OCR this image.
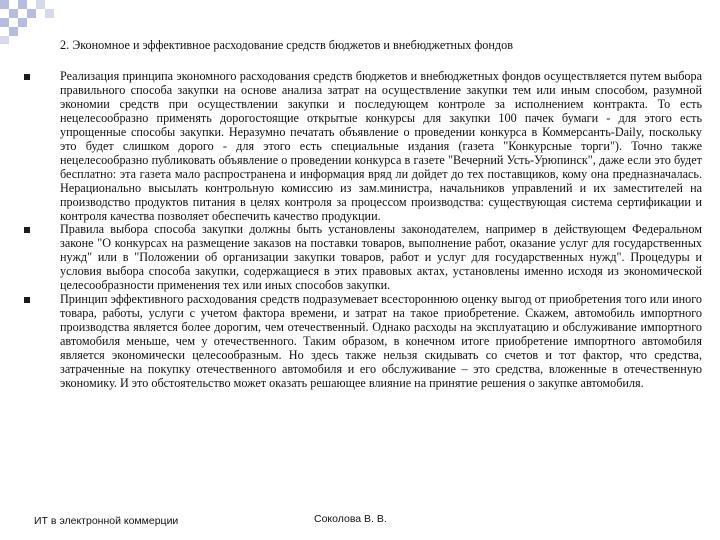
2. Экономное и эффективное расходование средств бюджетов и внебюджетных фондов

Реализация принципа экономного расходования средств бюджетов и внебюджетных фондов осуществляется путем выбора правильного способа закупки на основе анализа затрат на осуществление закупки тем или иным способом, разумной экономии средств при осуществлении закупки и последующем контроле за исполнением контракта. То есть нецелесообразно применять дорогостоящие открытые конкурсы для закупки 100 пачек бумаги - для этого есть упрощенные способы закупки. Неразумно печатать объявление о проведении конкурса в Коммерсанть-Daily, поскольку это будет слишком дорого - для этого есть специальные издания (газета "Конкурсные торги"). Точно также нецелесообразно публиковать объявление о проведении конкурса в газете "Вечерний Усть-Урюпинск", даже если это будет бесплатно: эта газета мало распространена и информация вряд ли дойдет до тех поставщиков, кому она предназначалась. Нерационально высылать контрольную комиссию из зам.министра, начальников управлений и их заместителей на производство продуктов питания в целях контроля за процессом производства: существующая система сертификации и контроля качества позволяет обеспечить качество продукции.

Правила выбора способа закупки должны быть установлены законодателем, например в действующем Федеральном законе "О конкурсах на размещение заказов на поставки товаров, выполнение работ, оказание услуг для государственных нужд" или в "Положении об организации закупки товаров, работ и услуг для государственных нужд". Процедуры и условия выбора способа закупки, содержащиеся в этих правовых актах, установлены именно исходя из экономической целесообразности применения тех или иных способов закупки.

Принцип эффективного расходования средств подразумевает всестороннюю оценку выгод от приобретения того или иного товара, работы, услуги с учетом фактора времени, и затрат на такое приобретение. Скажем, автомобиль импортного производства является более дорогим, чем отечественный. Однако расходы на эксплуатацию и обслуживание импортного автомобиля меньше, чем у отечественного. Таким образом, в конечном итоге приобретение импортного автомобиля является экономически целесообразным. Но здесь также нельзя скидывать со счетов и тот фактор, что средства, затраченные на покупку отечественного автомобиля и его обслуживание – это средства, вложенные в отечественную экономику. И это обстоятельство может оказать решающее влияние на принятие решения о закупке автомобиля.

ИТ в электронной коммерции	Соколова В. В.
